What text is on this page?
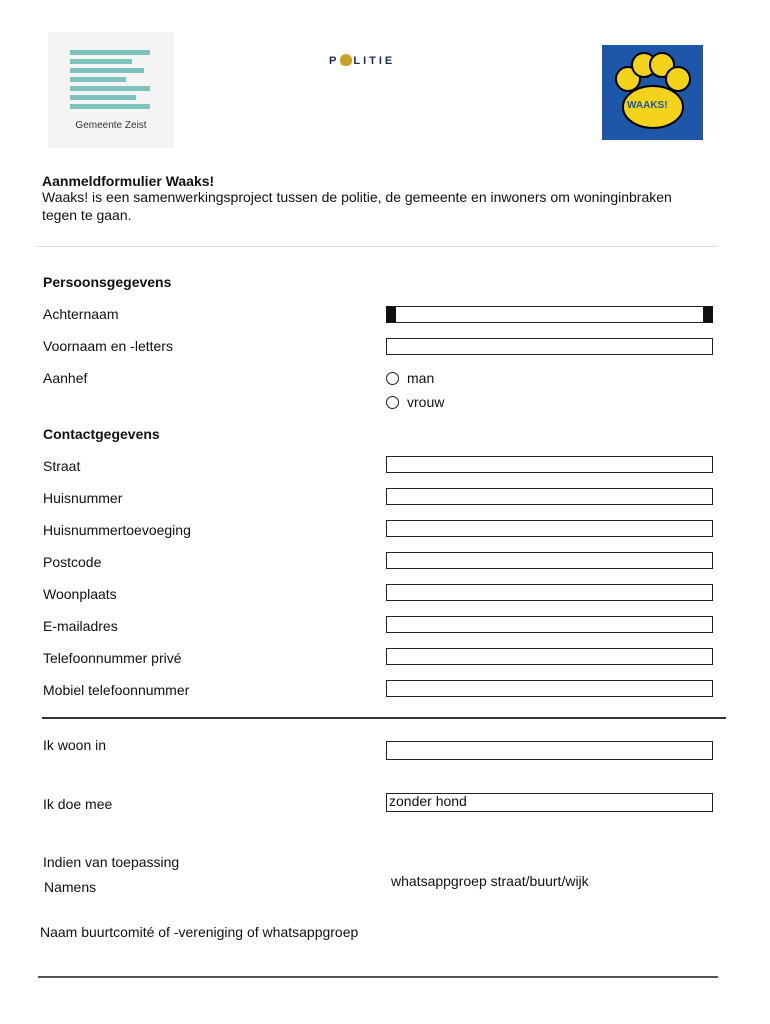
Gemeente Zeist
P LITIE
WAAKS!
Aanmeldformulier Waaks!
Waaks! is een samenwerkingsproject tussen de politie, de gemeente en inwoners om woninginbraken tegen te gaan.
Persoonsgegevens
Achternaam
Voornaam en -letters
Aanhef	man
vrouw
Contactgegevens
Straat
Huisnummer
Huisnummertoevoeging
Postcode
Woonplaats
E-mailadres
Telefoonnummer privé
Mobiel telefoonnummer
Ik woon in
Ik doe mee	zonder hond
Indien van toepassing
Namens	whatsappgroep straat/buurt/wijk
Naam buurtcomité of -vereniging of whatsappgroep
